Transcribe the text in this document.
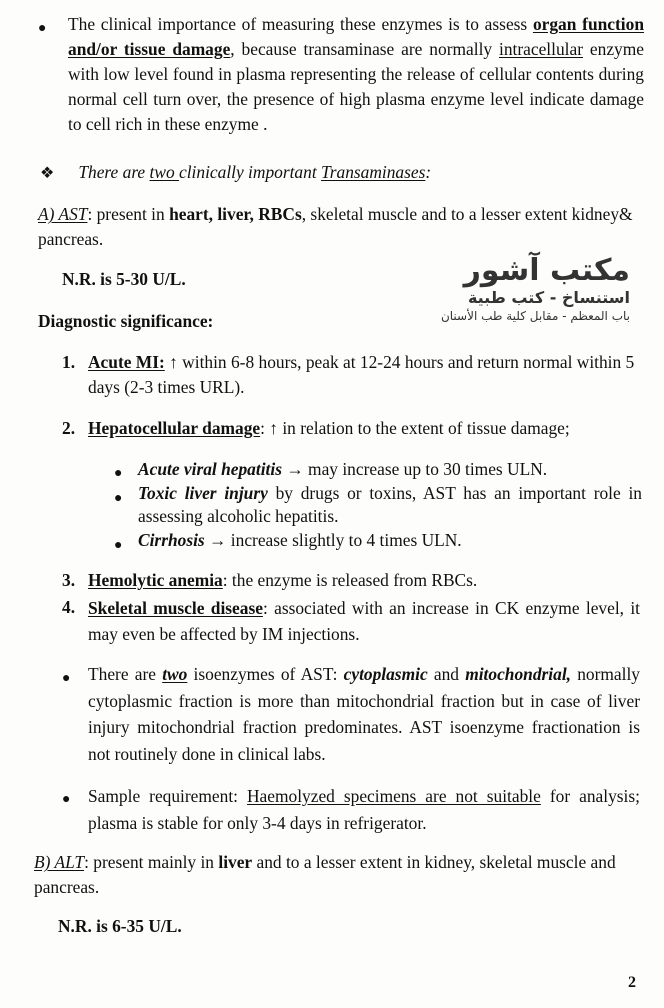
● The clinical importance of measuring these enzymes is to assess organ function and/or tissue damage, because transaminase are normally intracellular enzyme with low level found in plasma representing the release of cellular contents during normal cell turn over, the presence of high plasma enzyme level indicate damage to cell rich in these enzyme .
❖ There are two clinically important Transaminases:
A) AST: present in heart, liver, RBCs, skeletal muscle and to a lesser extent kidney& pancreas.
N.R. is 5-30 U/L.	مكتب آشور
استنساخ - كتب طبية
باب المعظم - مقابل كلية طب الأسنان
Diagnostic significance:
1. Acute MI: ↑ within 6-8 hours, peak at 12-24 hours and return normal within 5 days (2-3 times URL).
2. Hepatocellular damage: ↑ in relation to the extent of tissue damage;
● Acute viral hepatitis → may increase up to 30 times ULN.
● Toxic liver injury by drugs or toxins, AST has an important role in assessing alcoholic hepatitis.
● Cirrhosis → increase slightly to 4 times ULN.
3. Hemolytic anemia: the enzyme is released from RBCs.
4. Skeletal muscle disease: associated with an increase in CK enzyme level, it may even be affected by IM injections.
● There are two isoenzymes of AST: cytoplasmic and mitochondrial, normally cytoplasmic fraction is more than mitochondrial fraction but in case of liver injury mitochondrial fraction predominates. AST isoenzyme fractionation is not routinely done in clinical labs.
● Sample requirement: Haemolyzed specimens are not suitable for analysis; plasma is stable for only 3-4 days in refrigerator.
B) ALT: present mainly in liver and to a lesser extent in kidney, skeletal muscle and pancreas.
N.R. is 6-35 U/L.
2
